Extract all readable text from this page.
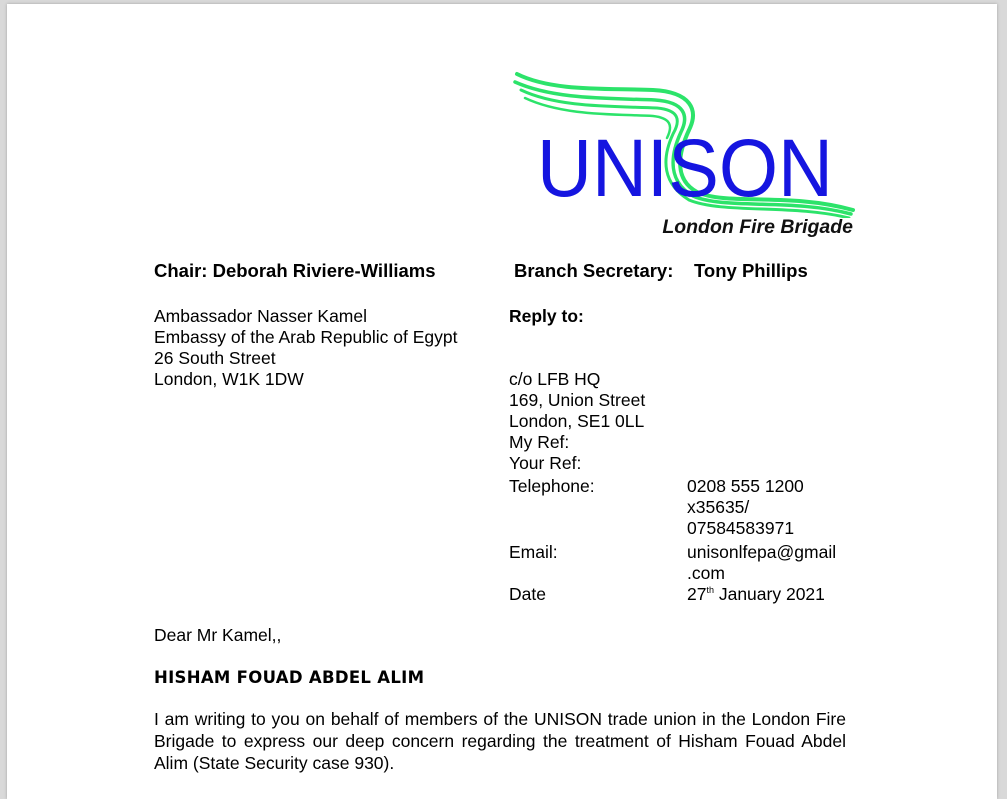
UNISON
London Fire Brigade
Chair: Deborah Riviere-Williams	Branch Secretary: Tony Phillips
Ambassador Nasser Kamel
Embassy of the Arab Republic of Egypt
26 South Street
London, W1K 1DW
Reply to:
c/o LFB HQ
169, Union Street
London, SE1 0LL
My Ref:
Your Ref:
Telephone:	0208 555 1200
x35635/
07584583971
Email:	unisonlfepa@gmail
.com
Date	27th January 2021
Dear Mr Kamel,,
HISHAM FOUAD ABDEL ALIM
I am writing to you on behalf of members of the UNISON trade union in the London Fire Brigade to express our deep concern regarding the treatment of Hisham Fouad Abdel Alim (State Security case 930).
